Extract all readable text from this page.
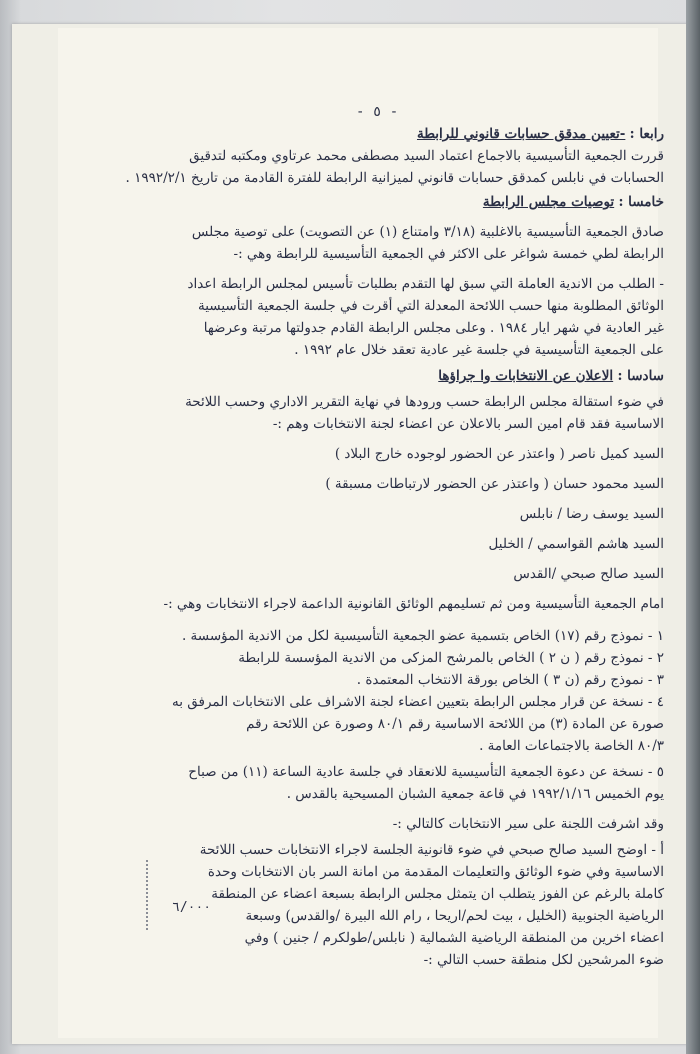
- ٥ -
رابعا : -تعيين مدقق حسابات قانوني للرابطة
قررت الجمعية التأسيسية بالاجماع اعتماد السيد مصطفى محمد عرتاوي ومكتبه لتدقيق
الحسابات في نابلس كمدقق حسابات قانوني لميزانية الرابطة للفترة القادمة من تاريخ ١٩٩٢/٢/١ .
خامسا : توصيات مجلس الرابطة
صادق الجمعية التأسيسية بالاغلبية (٣/١٨ وامتناع (١) عن التصويت) على توصية مجلس
الرابطة لطي خمسة شواغر على الاكثر في الجمعية التأسيسية للرابطة وهي :-
- الطلب من الاندية العاملة التي سبق لها التقدم بطلبات تأسيس لمجلس الرابطة اعداد
الوثائق المطلوبة منها حسب اللائحة المعدلة التي أقرت في جلسة الجمعية التأسيسية
غير العادية في شهر ايار ١٩٨٤ . وعلى مجلس الرابطة القادم جدولتها مرتبة وعرضها
على الجمعية التأسيسية في جلسة غير عادية تعقد خلال عام ١٩٩٢ .
سادسا : الاعلان عن الانتخابات وا جراؤها
في ضوء استقالة مجلس الرابطة حسب ورودها في نهاية التقرير الاداري وحسب اللائحة
الاساسية فقد قام امين السر بالاعلان عن اعضاء لجنة الانتخابات وهم :-
السيد كميل ناصر ( واعتذر عن الحضور لوجوده خارج البلاد )
السيد محمود حسان ( واعتذر عن الحضور لارتباطات مسبقة )
السيد يوسف رضا / نابلس
السيد هاشم القواسمي / الخليل
السيد صالح صبحي /القدس
امام الجمعية التأسيسية ومن ثم تسليمهم الوثائق القانونية الداعمة لاجراء الانتخابات وهي :-
١ - نموذج رقم (١٧) الخاص بتسمية عضو الجمعية التأسيسية لكل من الاندية المؤسسة .
٢ - نموذج رقم ( ن ٢ ) الخاص بالمرشح المزكى من الاندية المؤسسة للرابطة
٣ - نموذج رقم (ن ٣ ) الخاص بورقة الانتخاب المعتمدة .
٤ - نسخة عن قرار مجلس الرابطة بتعيين اعضاء لجنة الاشراف على الانتخابات المرفق به
صورة عن المادة (٣) من اللائحة الاساسية رقم ٨٠/١ وصورة عن اللائحة رقم
٨٠/٣ الخاصة بالاجتماعات العامة .
٥ - نسخة عن دعوة الجمعية التأسيسية للانعقاد في جلسة عادية الساعة (١١) من صباح
يوم الخميس ١٩٩٢/١/١٦ في قاعة جمعية الشبان المسيحية بالقدس .
وقد اشرفت اللجنة على سير الانتخابات كالتالي :-
أ - اوضح السيد صالح صبحي في ضوء قانونية الجلسة لاجراء الانتخابات حسب اللائحة
الاساسية وفي ضوء الوثائق والتعليمات المقدمة من امانة السر بان الانتخابات وحدة
كاملة بالرغم عن الفوز يتطلب ان يتمثل مجلس الرابطة بسبعة اعضاء عن المنطقة
الرياضية الجنوبية (الخليل ، بيت لحم/اريحا ، رام الله البيرة /والقدس) وسبعة
اعضاء اخرين من المنطقة الرياضية الشمالية ( نابلس/طولكرم / جنين ) وفي
ضوء المرشحين لكل منطقة حسب التالي :-
٦/٠٠٠
